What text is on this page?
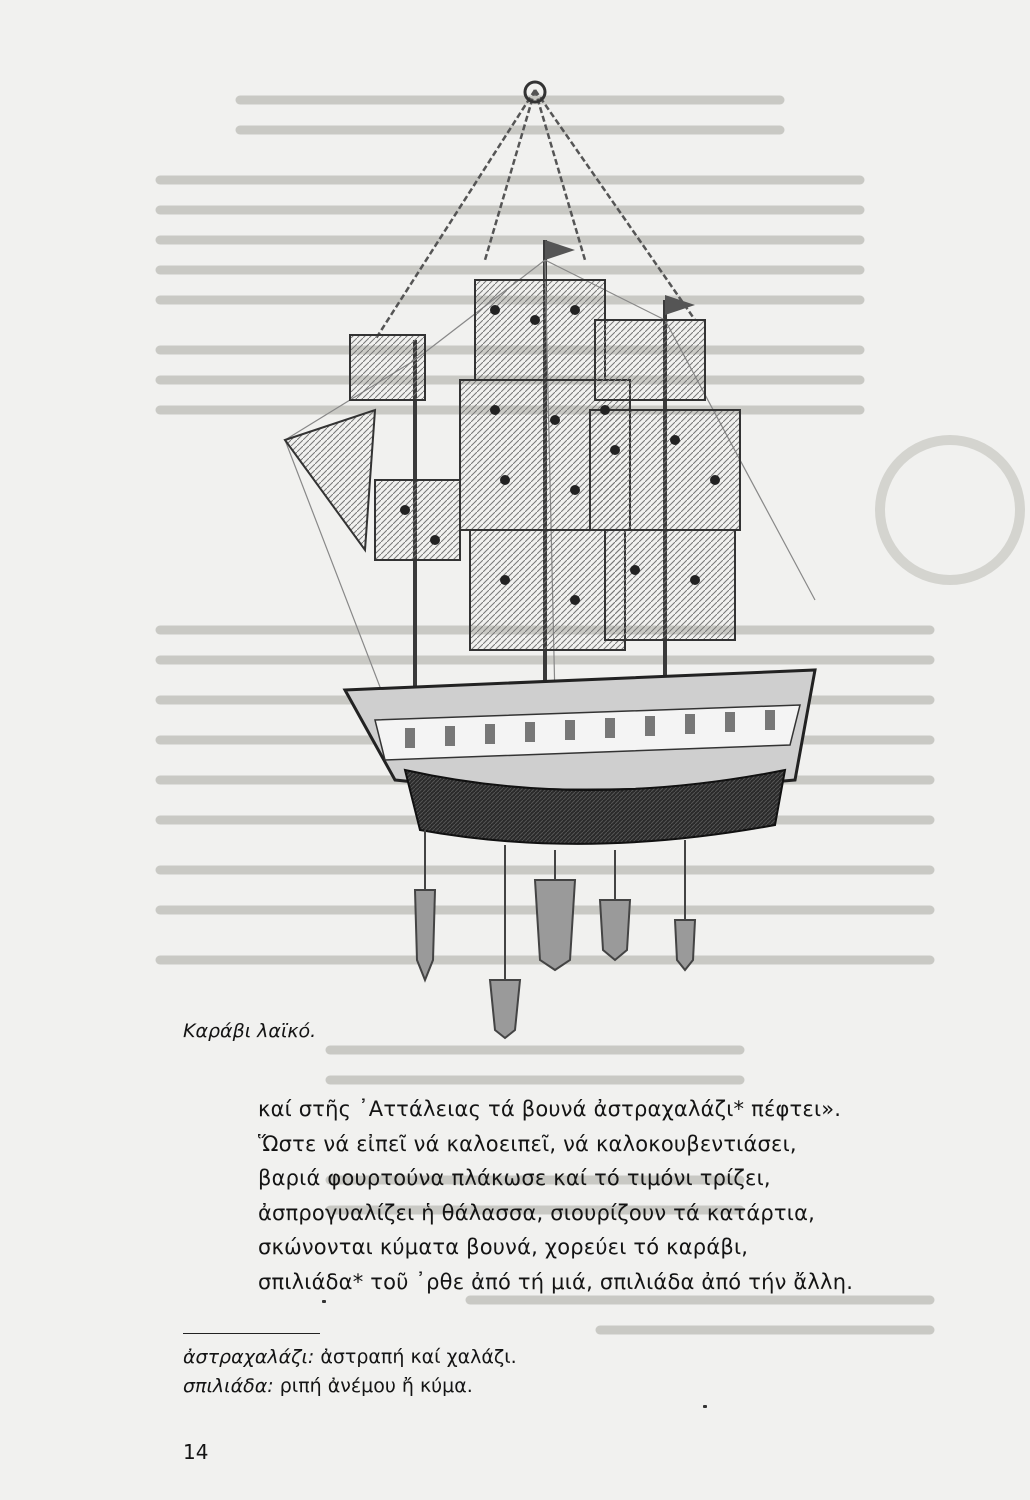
Καράβι λαϊκό.
καί στῆς ᾽Αττάλειας τά βουνά ἀστραχαλάζι* πέφτει».
Ὥστε νά εἰπεῖ νά καλοειπεῖ, νά καλοκουβεντιάσει,
βαριά φουρτούνα πλάκωσε καί τό τιμόνι τρίζει,
ἀσπρογυαλίζει ἡ θάλασσα, σιουρίζουν τά κατάρτια,
σκώνονται κύματα βουνά, χορεύει τό καράβι,
σπιλιάδα* τοῦ ᾽ρθε ἀπό τή μιά, σπιλιάδα ἀπό τήν ἄλλη.
ἀστραχαλάζι: ἀστραπή καί χαλάζι.
σπιλιάδα: ριπή ἀνέμου ἤ κύμα.
14
